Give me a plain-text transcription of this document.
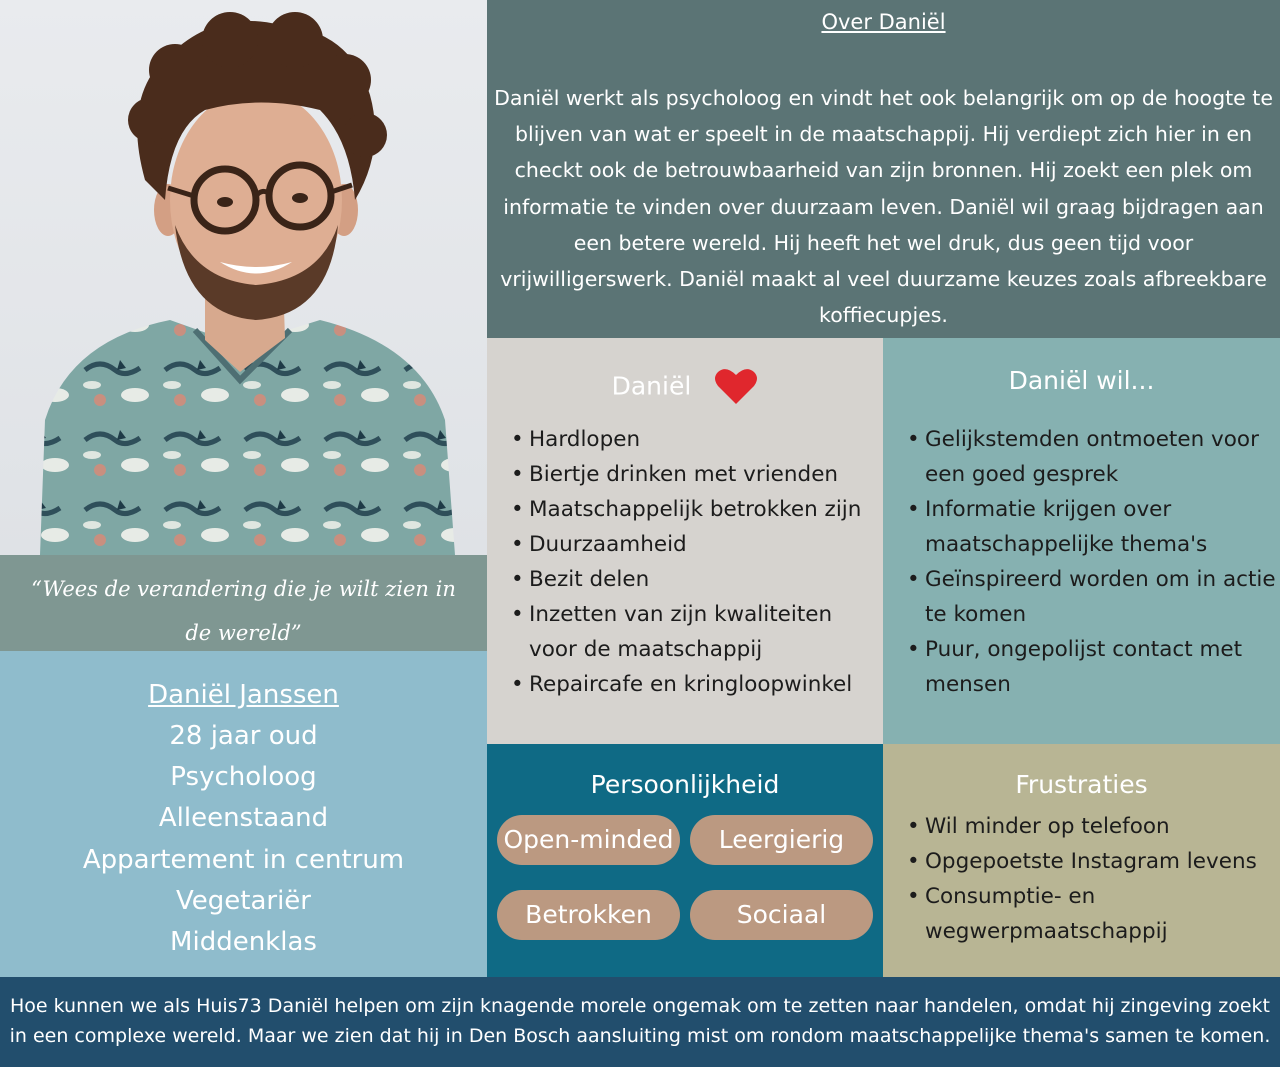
“Wees de verandering die je wilt zien in de wereld”
Daniël Janssen
28 jaar oud
Psycholoog
Alleenstaand
Appartement in centrum
Vegetariër
Middenklas
Over Daniël
Daniël werkt als psycholoog en vindt het ook belangrijk om op de hoogte te blijven van wat er speelt in de maatschappij. Hij verdiept zich hier in en checkt ook de betrouwbaarheid van zijn bronnen. Hij zoekt een plek om informatie te vinden over duurzaam leven. Daniël wil graag bijdragen aan een betere wereld. Hij heeft het wel druk, dus geen tijd voor vrijwilligerswerk. Daniël maakt al veel duurzame keuzes zoals afbreekbare koffiecupjes.
Daniël
• Hardlopen
• Biertje drinken met vrienden
• Maatschappelijk betrokken zijn
• Duurzaamheid
• Bezit delen
• Inzetten van zijn kwaliteiten voor de maatschappij
• Repaircafe en kringloopwinkel
Daniël wil...
• Gelijkstemden ontmoeten voor een goed gesprek
• Informatie krijgen over maatschappelijke thema's
• Geïnspireerd worden om in actie te komen
• Puur, ongepolijst contact met mensen
Persoonlijkheid
Open-minded	Leergierig
Betrokken	Sociaal
Frustraties
• Wil minder op telefoon
• Opgepoetste Instagram levens
• Consumptie- en wegwerpmaatschappij
Hoe kunnen we als Huis73 Daniël helpen om zijn knagende morele ongemak om te zetten naar handelen, omdat hij zingeving zoekt in een complexe wereld. Maar we zien dat hij in Den Bosch aansluiting mist om rondom maatschappelijke thema's samen te komen.
